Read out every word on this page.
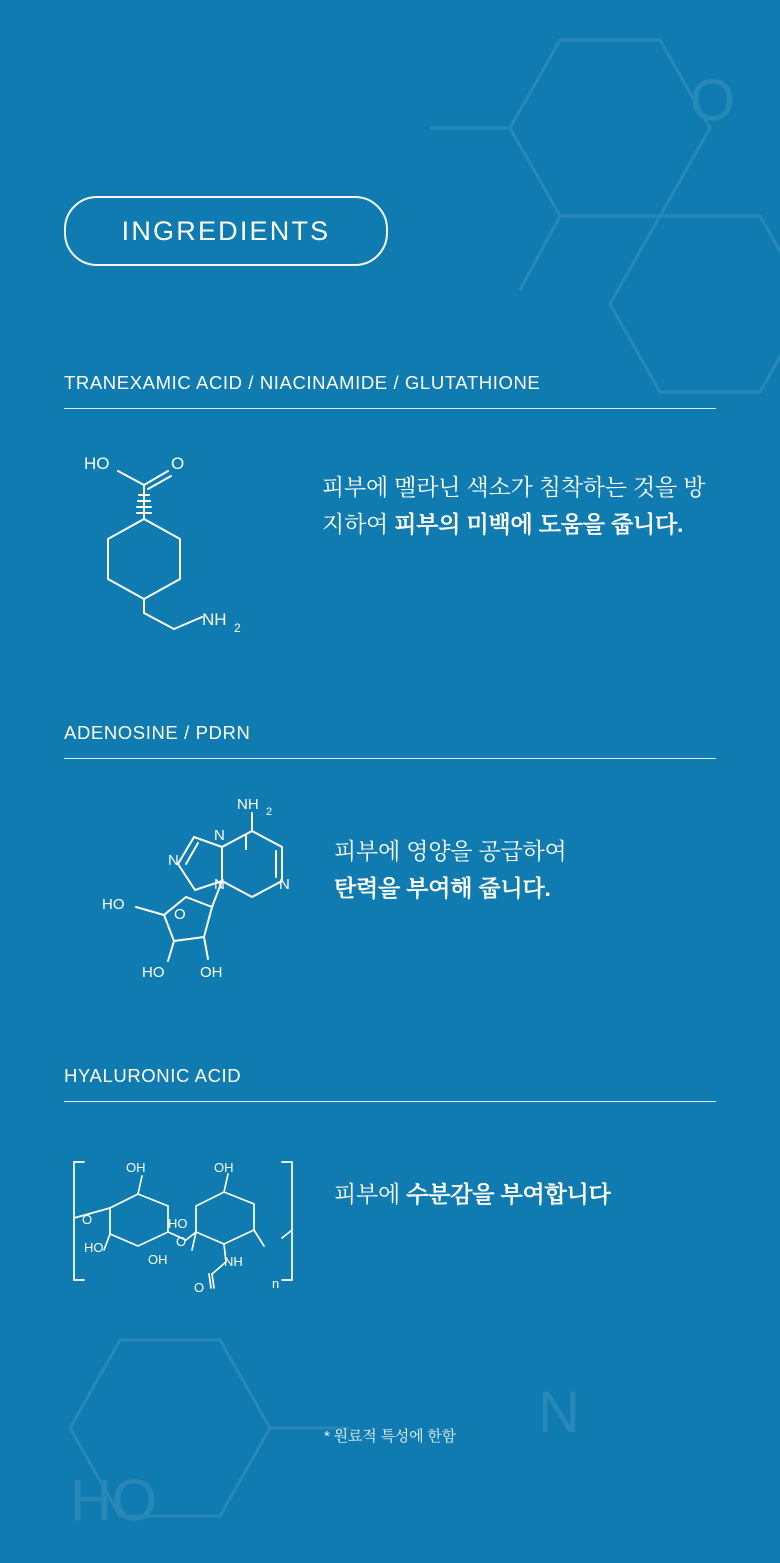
N
HO
O
INGREDIENTS
TRANEXAMIC ACID / NIACINAMIDE / GLUTATHIONE
HO	O
NH 2
피부에 멜라닌 색소가 침착하는 것을 방지하여 피부의 미백에 도움을 줍니다.
ADENOSINE / PDRN
NH 2
N
N	N
N
HO
O
HO OH
피부에 영양을 공급하여
탄력을 부여해 줍니다.
HYALURONIC ACID
OH	OH
O
HO
HO
OH
O
NH
O	n
피부에 수분감을 부여합니다
* 원료적 특성에 한함
